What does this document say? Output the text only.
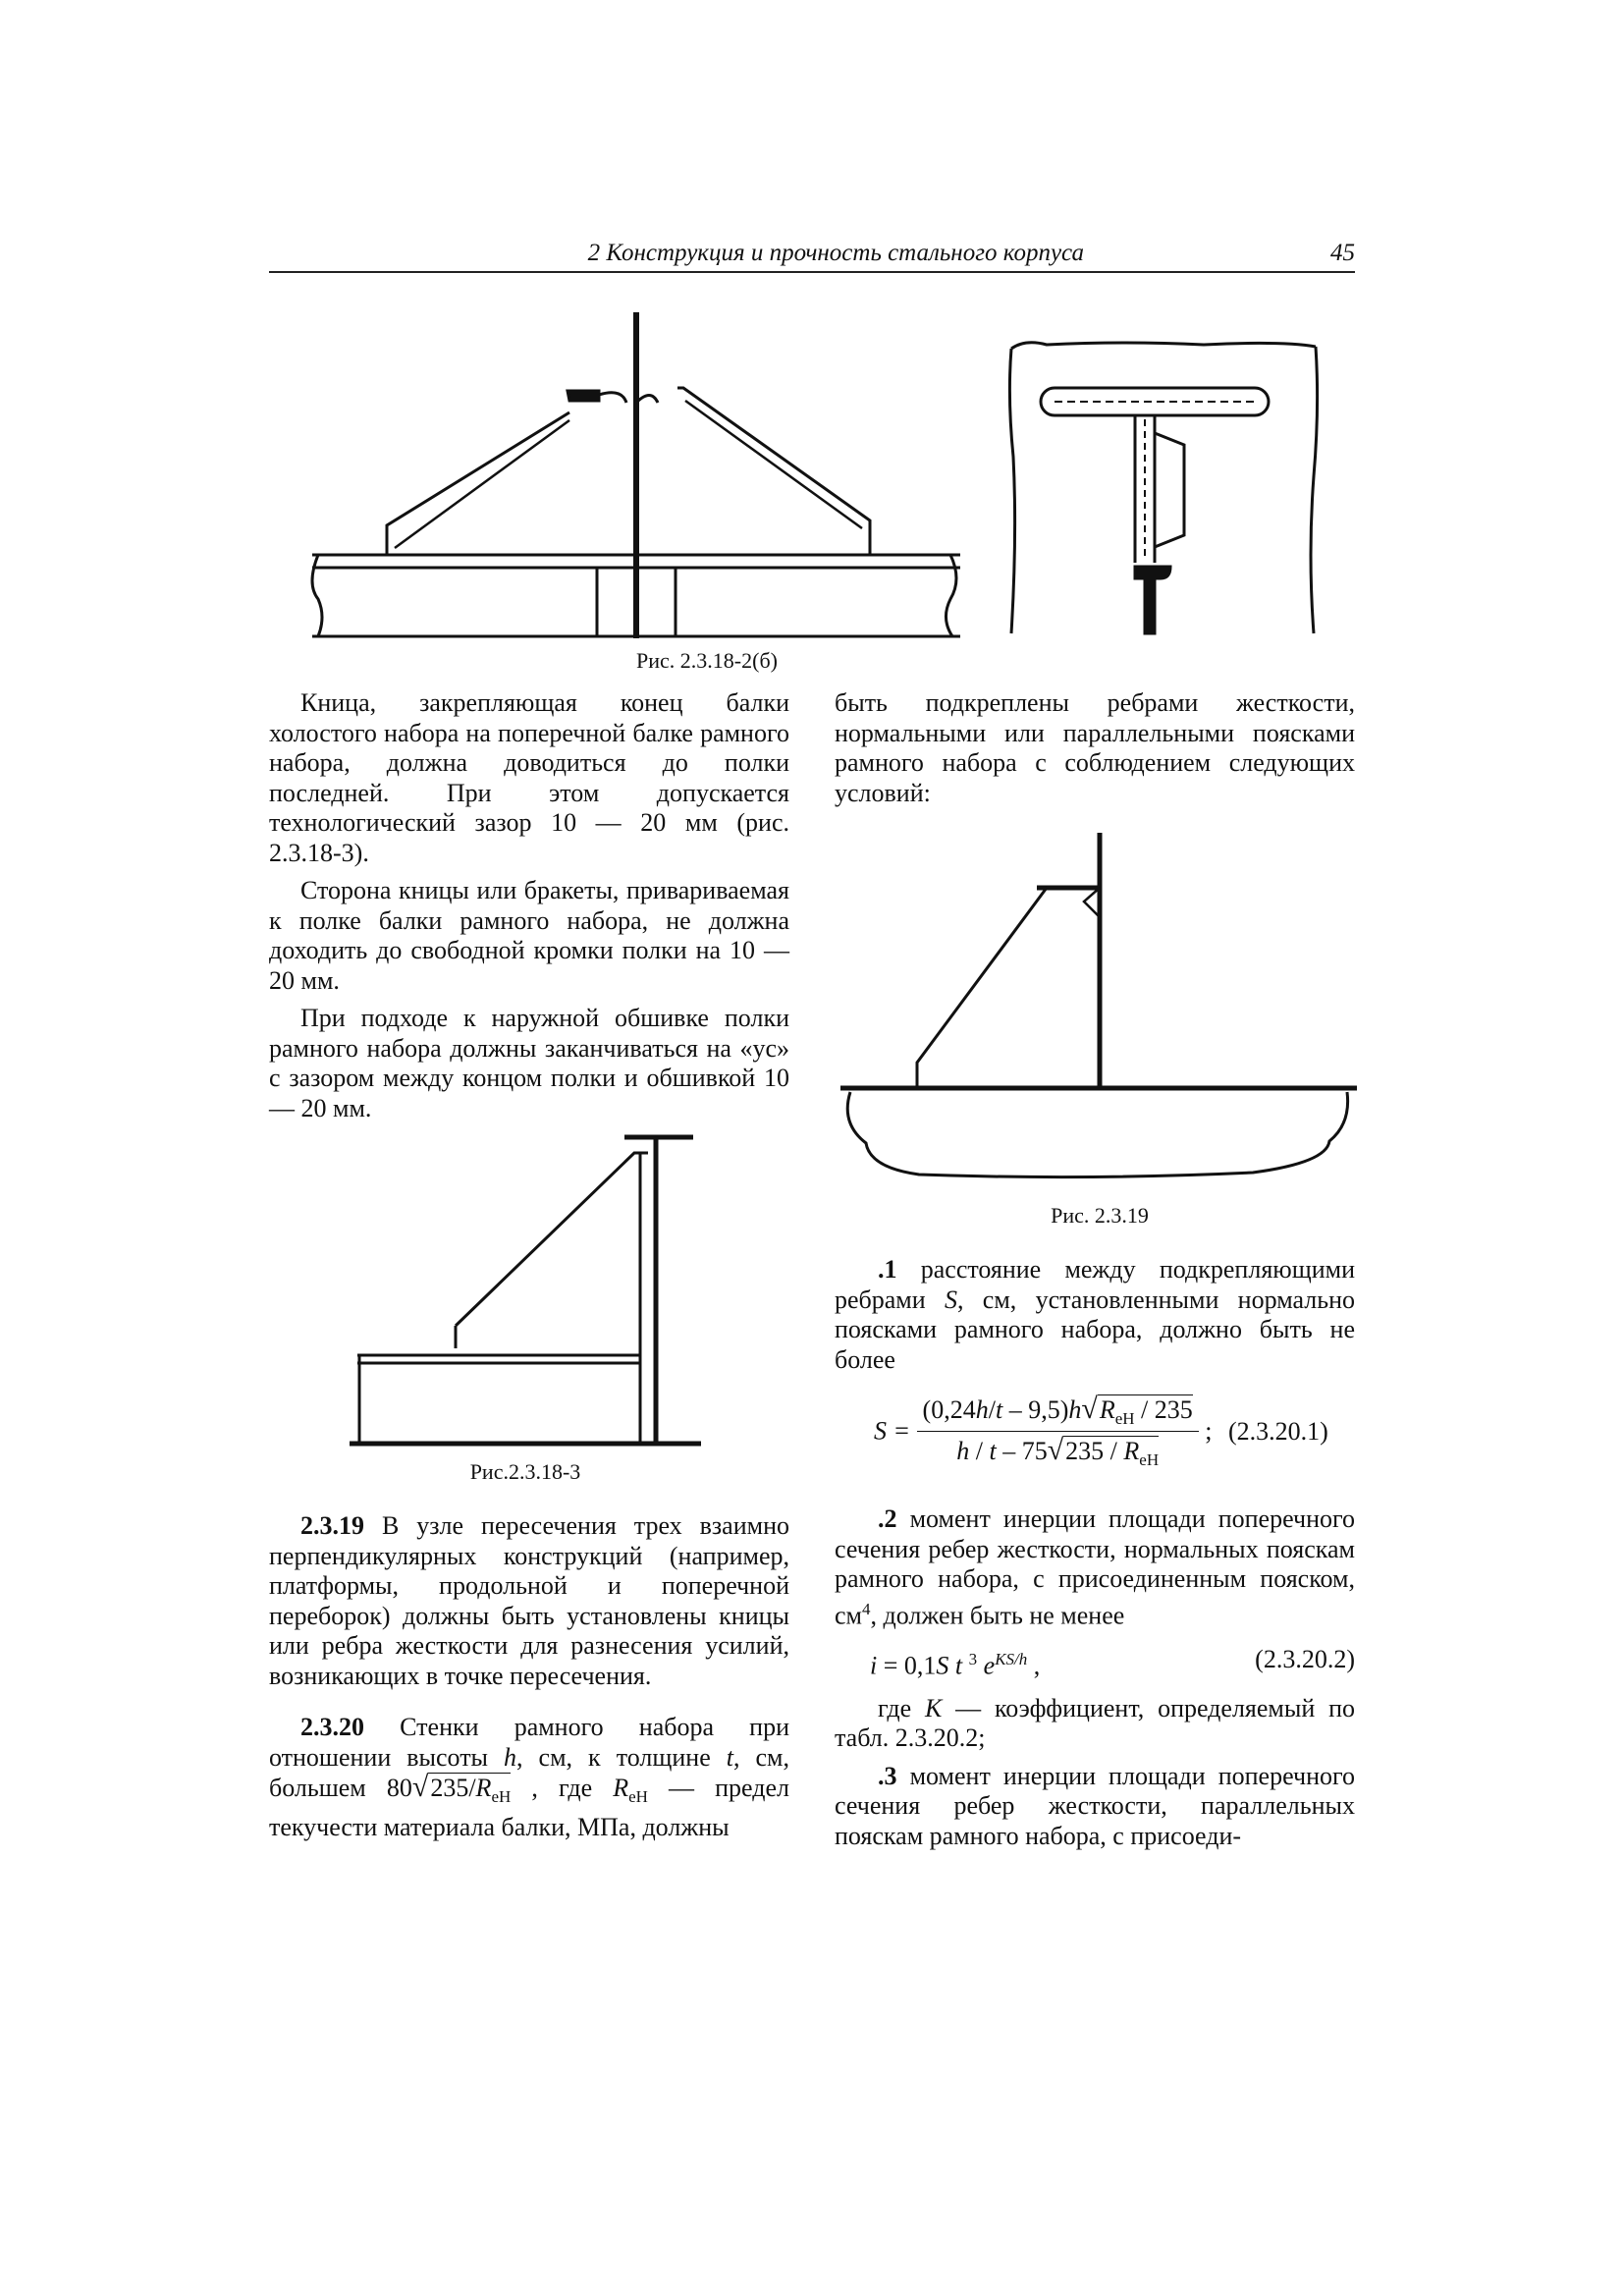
2 Конструкция и прочность стального корпуса	45
Рис. 2.3.18-2(б)

Кница, закрепляющая конец балки холостого набора на поперечной балке рамного набора, должна доводиться до полки последней. При этом допускается технологический зазор 10 — 20 мм (рис. 2.3.18-3).

Сторона кницы или бракеты, привариваемая к полке балки рамного набора, не должна доходить до свободной кромки полки на 10 — 20 мм.

При подходе к наружной обшивке полки рамного набора должны заканчиваться на «ус» с зазором между концом полки и обшивкой 10 — 20 мм.

Рис.2.3.18-3

2.3.19 В узле пересечения трех взаимно перпендикулярных конструкций (например, платформы, продольной и поперечной переборок) должны быть установлены кницы или ребра жесткости для разнесения усилий, возникающих в точке пересечения.

2.3.20 Стенки рамного набора при отношении высоты h, см, к толщине t, см, большем $80√235/R_{eH}$ , где $R_{eH}$ — предел текучести материала балки, МПа, должны

быть подкреплены ребрами жесткости, нормальными или параллельными поясками рамного набора с соблюдением следующих условий:

Рис. 2.3.19

.1 расстояние между подкрепляющими ребрами S, см, установленными нормально поясками рамного набора, должно быть не более

$S = \frac{(0,24h/t - 9,5)h√R_{eH} / 235}{h / t - 75√235 / R_{eH}}$ ; (2.3.20.1)

.2 момент инерции площади поперечного сечения ребер жесткости, нормальных пояскам рамного набора, с присоединенным пояском, $см^4$, должен быть не менее

i = 0,1S t $^3$ $e^{KS/h}$ ,	(2.3.20.2)

где K — коэффициент, определяемый по табл. 2.3.20.2;

.3 момент инерции площади поперечного сечения ребер жесткости, параллельных пояскам рамного набора, с присоеди-
